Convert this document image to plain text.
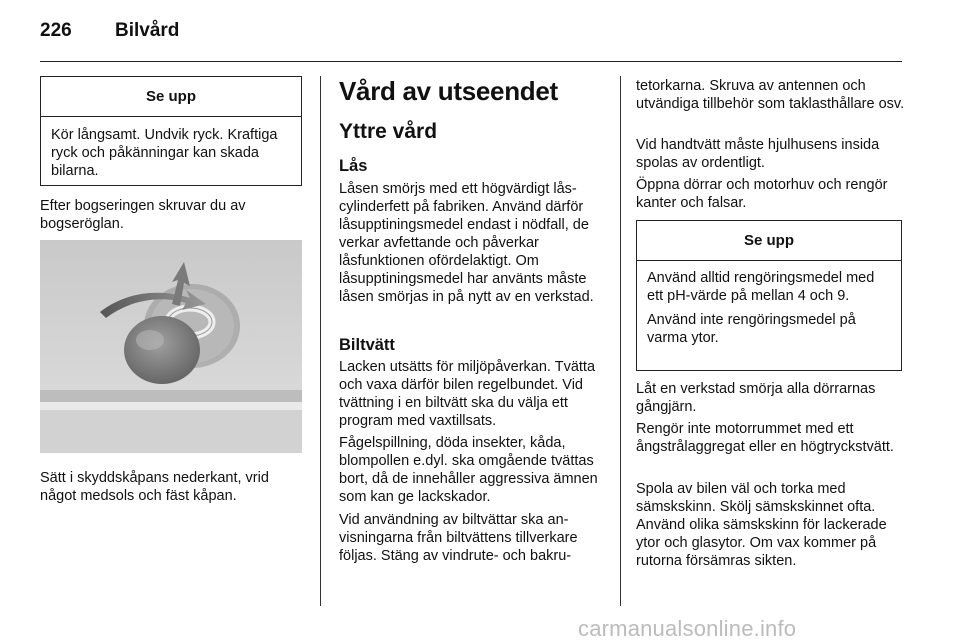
226 Bilvård
Se upp

Kör långsamt. Undvik ryck. Kraftiga ryck och påkänningar kan skada bilarna.

Efter bogseringen skruvar du av bogseröglan.

Sätt i skyddskåpans nederkant, vrid något medsols och fäst kåpan.

Vård av utseendet
Yttre vård
Lås

Låsen smörjs med ett högvärdigt låscylinderfett på fabriken. Använd därför låsupptiningsmedel endast i nödfall, de verkar avfettande och påverkar låsfunktionen ofördelaktigt. Om låsupptiningsmedel har använts måste låsen smörjas in på nytt av en verkstad.

Biltvätt

Lacken utsätts för miljöpåverkan. Tvätta och vaxa därför bilen regelbundet. Vid tvättning i en biltvätt ska du välja ett program med vaxtillsats.

Fågelspillning, döda insekter, kåda, blompollen e.dyl. ska omgående tvättas bort, då de innehåller aggressiva ämnen som kan ge lackskador.

Vid användning av biltvättar ska anvisningarna från biltvättens tillverkare följas. Stäng av vindrute- och bakru-

tetorkarna. Skruva av antennen och utvändiga tillbehör som taklasthållare osv.

Vid handtvätt måste hjulhusens insida spolas av ordentligt.

Öppna dörrar och motorhuv och rengör kanter och falsar.

Se upp

Använd alltid rengöringsmedel med ett pH-värde på mellan 4 och 9.

Använd inte rengöringsmedel på varma ytor.

Låt en verkstad smörja alla dörrarnas gångjärn.

Rengör inte motorrummet med ett ångstrålaggregat eller en högtryckstvätt.

Spola av bilen väl och torka med sämskskinn. Skölj sämskskinnet ofta. Använd olika sämskskinn för lackerade ytor och glasytor. Om vax kommer på rutorna försämras sikten.

carmanualsonline.info
